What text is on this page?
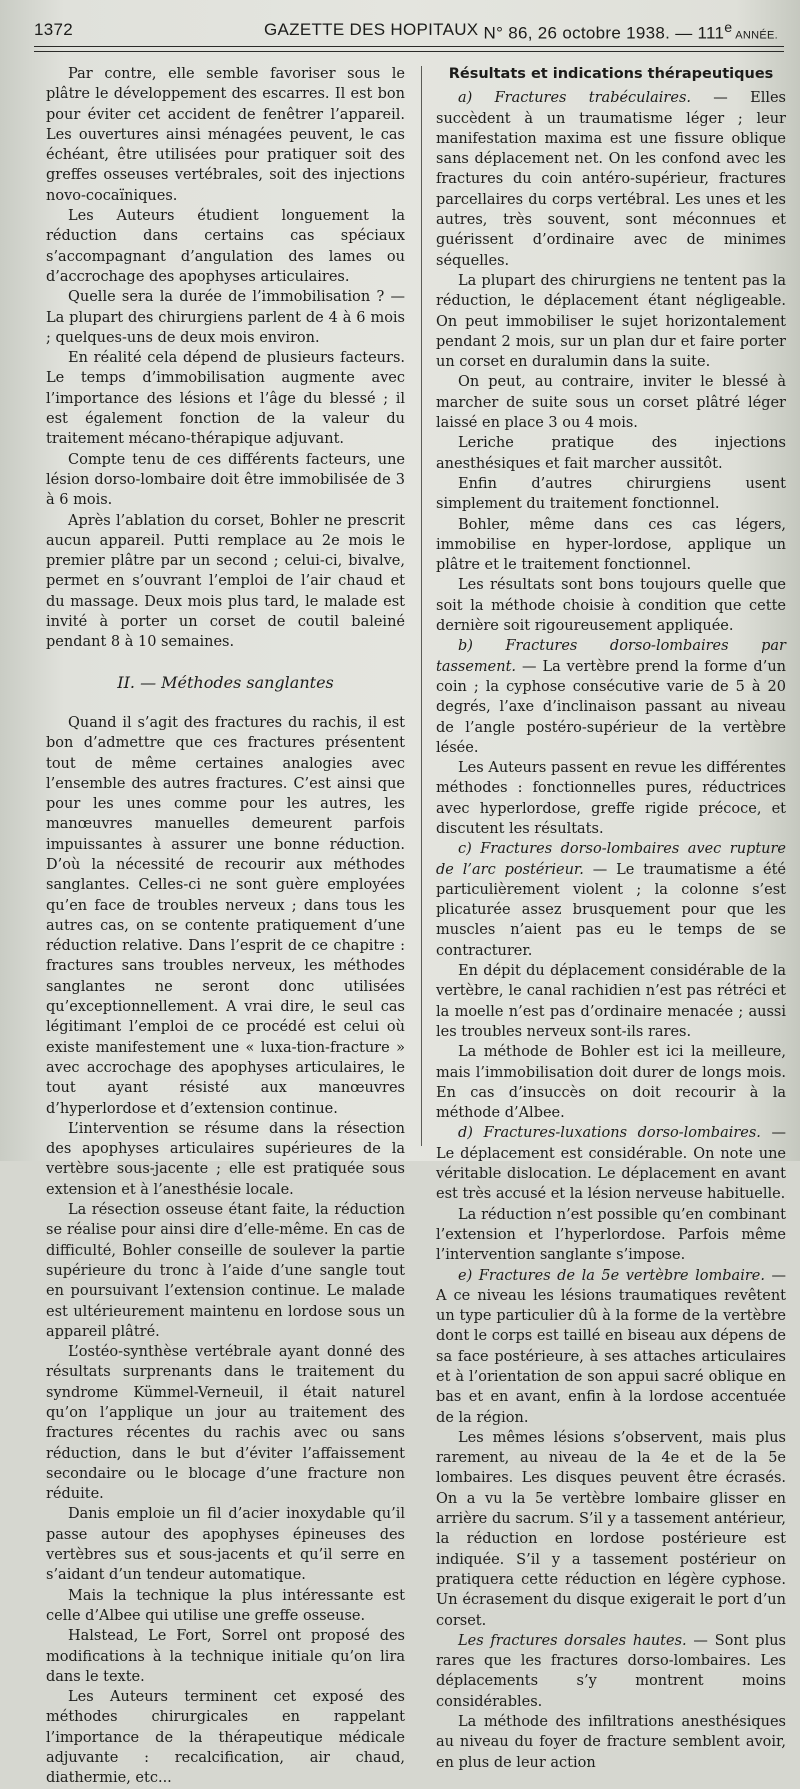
1372	GAZETTE DES HOPITAUX N° 86, 26 octobre 1938. — 111e ANNÉE.

Par contre, elle semble favoriser sous le plâtre le développement des escarres. Il est bon pour éviter cet accident de fenêtrer l’appareil. Les ouvertures ainsi ménagées peuvent, le cas échéant, être utilisées pour pratiquer soit des greffes osseuses vertébrales, soit des injections novo-cocaïniques.

Les Auteurs étudient longuement la réduction dans certains cas spéciaux s’accompagnant d’angulation des lames ou d’accrochage des apophyses articulaires.

Quelle sera la durée de l’immobilisation ? — La plupart des chirurgiens parlent de 4 à 6 mois ; quelques-uns de deux mois environ.

En réalité cela dépend de plusieurs facteurs. Le temps d’immobilisation augmente avec l’importance des lésions et l’âge du blessé ; il est également fonction de la valeur du traitement mécano-thérapique adjuvant.

Compte tenu de ces différents facteurs, une lésion dorso-lombaire doit être immobilisée de 3 à 6 mois.

Après l’ablation du corset, Bohler ne prescrit aucun appareil. Putti remplace au 2e mois le premier plâtre par un second ; celui-ci, bivalve, permet en s’ouvrant l’emploi de l’air chaud et du massage. Deux mois plus tard, le malade est invité à porter un corset de coutil baleiné pendant 8 à 10 semaines.

II. — Méthodes sanglantes

Quand il s’agit des fractures du rachis, il est bon d’admettre que ces fractures présentent tout de même certaines analogies avec l’ensemble des autres fractures. C’est ainsi que pour les unes comme pour les autres, les manœuvres manuelles demeurent parfois impuissantes à assurer une bonne réduction. D’où la nécessité de recourir aux méthodes sanglantes. Celles-ci ne sont guère employées qu’en face de troubles nerveux ; dans tous les autres cas, on se contente pratiquement d’une réduction relative. Dans l’esprit de ce chapitre : fractures sans troubles nerveux, les méthodes sanglantes ne seront donc utilisées qu’exceptionnellement. A vrai dire, le seul cas légitimant l’emploi de ce procédé est celui où existe manifestement une « luxa-tion-fracture » avec accrochage des apophyses articulaires, le tout ayant résisté aux manœuvres d’hyperlordose et d’extension continue.

L’intervention se résume dans la résection des apophyses articulaires supérieures de la vertèbre sous-jacente ; elle est pratiquée sous extension et à l’anesthésie locale.

La résection osseuse étant faite, la réduction se réalise pour ainsi dire d’elle-même. En cas de difficulté, Bohler conseille de soulever la partie supérieure du tronc à l’aide d’une sangle tout en poursuivant l’extension continue. Le malade est ultérieurement maintenu en lordose sous un appareil plâtré.

L’ostéo-synthèse vertébrale ayant donné des résultats surprenants dans le traitement du syndrome Kümmel-Verneuil, il était naturel qu’on l’applique un jour au traitement des fractures récentes du rachis avec ou sans réduction, dans le but d’éviter l’affaissement secondaire ou le blocage d’une fracture non réduite.

Danis emploie un fil d’acier inoxydable qu’il passe autour des apophyses épineuses des vertèbres sus et sous-jacents et qu’il serre en s’aidant d’un tendeur automatique.

Mais la technique la plus intéressante est celle d’Albee qui utilise une greffe osseuse.

Halstead, Le Fort, Sorrel ont proposé des modifications à la technique initiale qu’on lira dans le texte.

Les Auteurs terminent cet exposé des méthodes chirurgicales en rappelant l’importance de la thérapeutique médicale adjuvante : recalcification, air chaud, diathermie, etc...

Résultats et indications thérapeutiques

a) Fractures trabéculaires. — Elles succèdent à un traumatisme léger ; leur manifestation maxima est une fissure oblique sans déplacement net. On les confond avec les fractures du coin antéro-supérieur, fractures parcellaires du corps vertébral. Les unes et les autres, très souvent, sont méconnues et guérissent d’ordinaire avec de minimes séquelles.

La plupart des chirurgiens ne tentent pas la réduction, le déplacement étant négligeable. On peut immobiliser le sujet horizontalement pendant 2 mois, sur un plan dur et faire porter un corset en duralumin dans la suite.

On peut, au contraire, inviter le blessé à marcher de suite sous un corset plâtré léger laissé en place 3 ou 4 mois.

Leriche pratique des injections anesthésiques et fait marcher aussitôt.

Enfin d’autres chirurgiens usent simplement du traitement fonctionnel.

Bohler, même dans ces cas légers, immobilise en hyper-lordose, applique un plâtre et le traitement fonctionnel.

Les résultats sont bons toujours quelle que soit la méthode choisie à condition que cette dernière soit rigoureusement appliquée.

b) Fractures dorso-lombaires par tassement. — La vertèbre prend la forme d’un coin ; la cyphose consécutive varie de 5 à 20 degrés, l’axe d’inclinaison passant au niveau de l’angle postéro-supérieur de la vertèbre lésée.

Les Auteurs passent en revue les différentes méthodes : fonctionnelles pures, réductrices avec hyperlordose, greffe rigide précoce, et discutent les résultats.

c) Fractures dorso-lombaires avec rupture de l’arc postérieur. — Le traumatisme a été particulièrement violent ; la colonne s’est plicaturée assez brusquement pour que les muscles n’aient pas eu le temps de se contracturer.

En dépit du déplacement considérable de la vertèbre, le canal rachidien n’est pas rétréci et la moelle n’est pas d’ordinaire menacée ; aussi les troubles nerveux sont-ils rares.

La méthode de Bohler est ici la meilleure, mais l’immobilisation doit durer de longs mois. En cas d’insuccès on doit recourir à la méthode d’Albee.

d) Fractures-luxations dorso-lombaires. — Le déplacement est considérable. On note une véritable dislocation. Le déplacement en avant est très accusé et la lésion nerveuse habituelle.

La réduction n’est possible qu’en combinant l’extension et l’hyperlordose. Parfois même l’intervention sanglante s’impose.

e) Fractures de la 5e vertèbre lombaire. — A ce niveau les lésions traumatiques revêtent un type particulier dû à la forme de la vertèbre dont le corps est taillé en biseau aux dépens de sa face postérieure, à ses attaches articulaires et à l’orientation de son appui sacré oblique en bas et en avant, enfin à la lordose accentuée de la région.

Les mêmes lésions s’observent, mais plus rarement, au niveau de la 4e et de la 5e lombaires. Les disques peuvent être écrasés. On a vu la 5e vertèbre lombaire glisser en arrière du sacrum. S’il y a tassement antérieur, la réduction en lordose postérieure est indiquée. S’il y a tassement postérieur on pratiquera cette réduction en légère cyphose. Un écrasement du disque exigerait le port d’un corset.

Les fractures dorsales hautes. — Sont plus rares que les fractures dorso-lombaires. Les déplacements s’y montrent moins considérables.

La méthode des infiltrations anesthésiques au niveau du foyer de fracture semblent avoir, en plus de leur action
